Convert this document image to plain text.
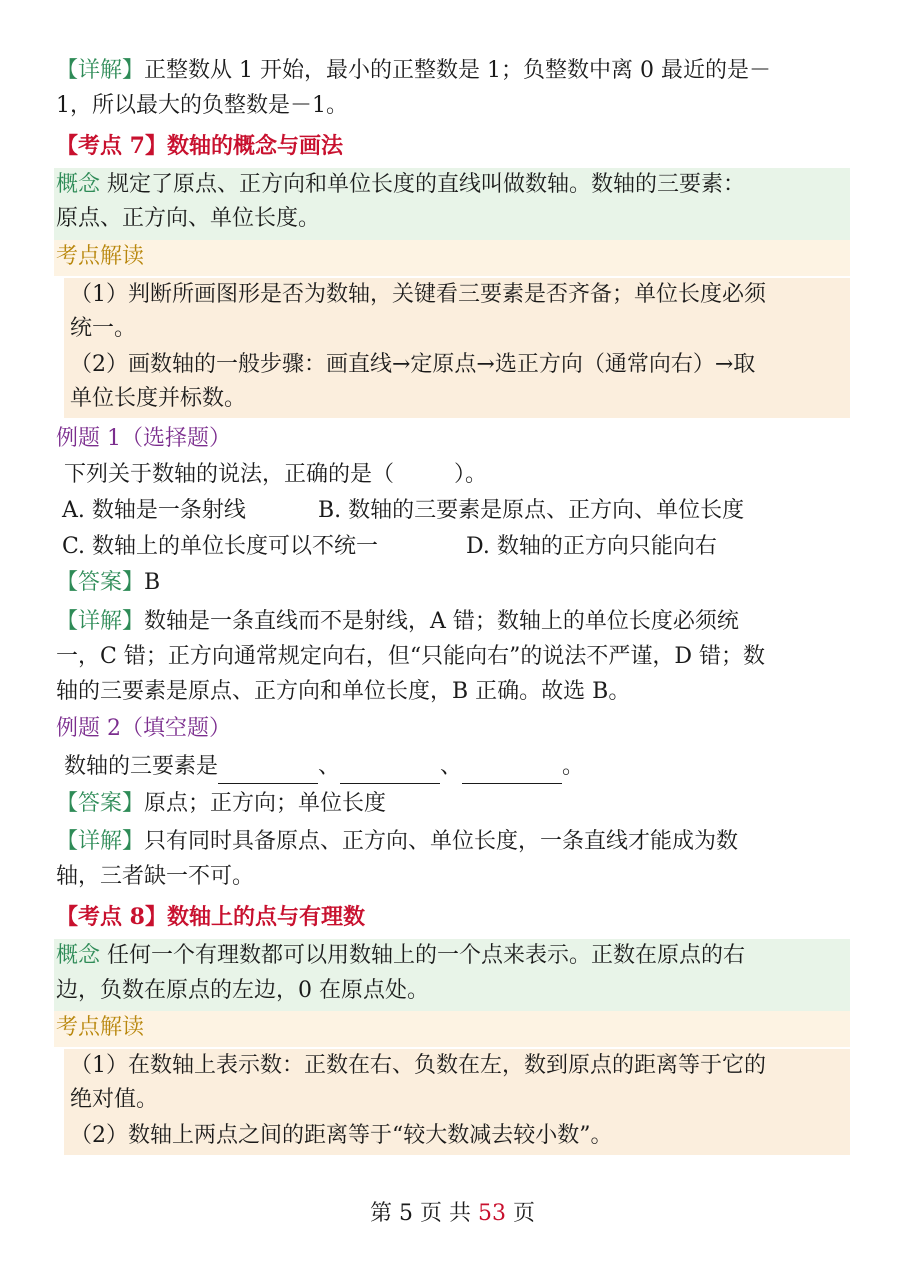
【详解】正整数从 1 开始，最小的正整数是 1；负整数中离 0 最近的是－
1，所以最大的负整数是－1。
【考点 7】数轴的概念与画法
概念 规定了原点、正方向和单位长度的直线叫做数轴。数轴的三要素：
原点、正方向、单位长度。
考点解读
（1）判断所画图形是否为数轴，关键看三要素是否齐备；单位长度必须
统一。
（2）画数轴的一般步骤：画直线→定原点→选正方向（通常向右）→取
单位长度并标数。
例题 1（选择题）
下列关于数轴的说法，正确的是（	）。
A. 数轴是一条射线	B. 数轴的三要素是原点、正方向、单位长度
C. 数轴上的单位长度可以不统一	D. 数轴的正方向只能向右
【答案】B
【详解】数轴是一条直线而不是射线，A 错；数轴上的单位长度必须统
一，C 错；正方向通常规定向右，但“只能向右”的说法不严谨，D 错；数
轴的三要素是原点、正方向和单位长度，B 正确。故选 B。
例题 2（填空题）
数轴的三要素是	、	、	。
【答案】原点；正方向；单位长度
【详解】只有同时具备原点、正方向、单位长度，一条直线才能成为数
轴，三者缺一不可。
【考点 8】数轴上的点与有理数
概念 任何一个有理数都可以用数轴上的一个点来表示。正数在原点的右
边，负数在原点的左边，0 在原点处。
考点解读
（1）在数轴上表示数：正数在右、负数在左，数到原点的距离等于它的
绝对值。
（2）数轴上两点之间的距离等于“较大数减去较小数”。
第 5 页 共 53 页
